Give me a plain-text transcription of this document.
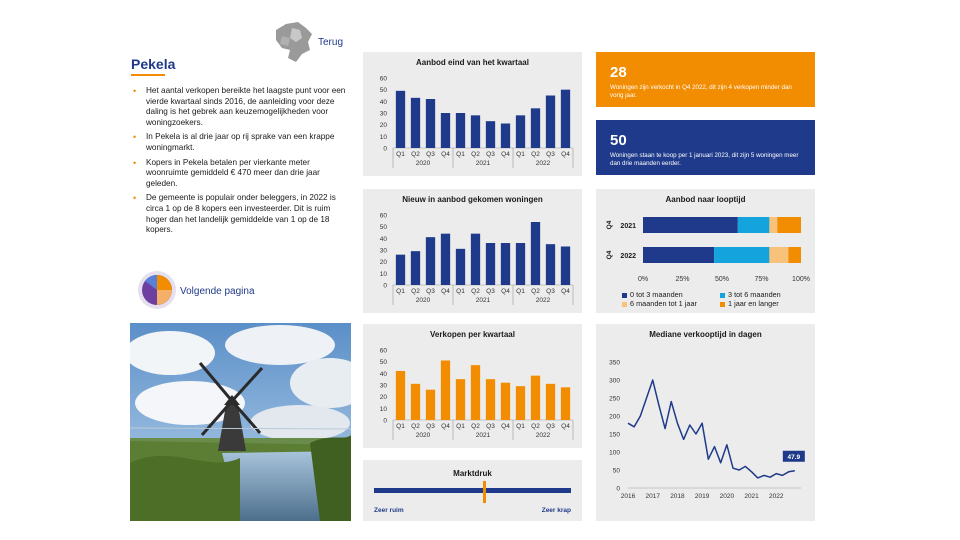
Terug
Pekela
• Het aantal verkopen bereikte het laagste punt voor een vierde kwartaal sinds 2016, de aanleiding voor deze daling is het gebrek aan keuzemogelijkheden voor woningzoekers.
• In Pekela is al drie jaar op rij sprake van een krappe woningmarkt.
• Kopers in Pekela betalen per vierkante meter woonruimte gemiddeld € 470 meer dan drie jaar geleden.
• De gemeente is populair onder beleggers, in 2022 is circa 1 op de 8 kopers een investeerder. Dit is ruim hoger dan het landelijk gemiddelde van 1 op de 18 kopers.
Volgende pagina
28
Woningen zijn verkocht in Q4 2022, dit zijn 4 verkopen minder dan vorig jaar.
50
Woningen staan te koop per 1 januari 2023, dit zijn 5 woningen meer dan drie maanden eerder.
Aanbod eind van het kwartaal
0
10
20
30
40
50
60
Q1 Q2 Q3 Q4 Q1 Q2 Q3 Q4 Q1 Q2 Q3 Q4
2020	2021	2022
Nieuw in aanbod gekomen woningen
0
10
20
30
40
50
60
Q1 Q2 Q3 Q4 Q1 Q2 Q3 Q4 Q1 Q2 Q3 Q4
2020	2021	2022
Verkopen per kwartaal
0
10
20
30
40
50
60
Q1 Q2 Q3 Q4 Q1 Q2 Q3 Q4 Q1 Q2 Q3 Q4
2020	2021	2022
Marktdruk
Zeer ruim	Zeer krap
Aanbod naar looptijd
2021
Q4
2022
Q4
0%	25%	50%	75%	100%
0 tot 3 maanden	3 tot 6 maanden
6 maanden tot 1 jaar	1 jaar en langer
Mediane verkooptijd in dagen
0
50
100
150
200
250
300
350
2016 2017 2018 2019 2020 2021 2022
47.9
